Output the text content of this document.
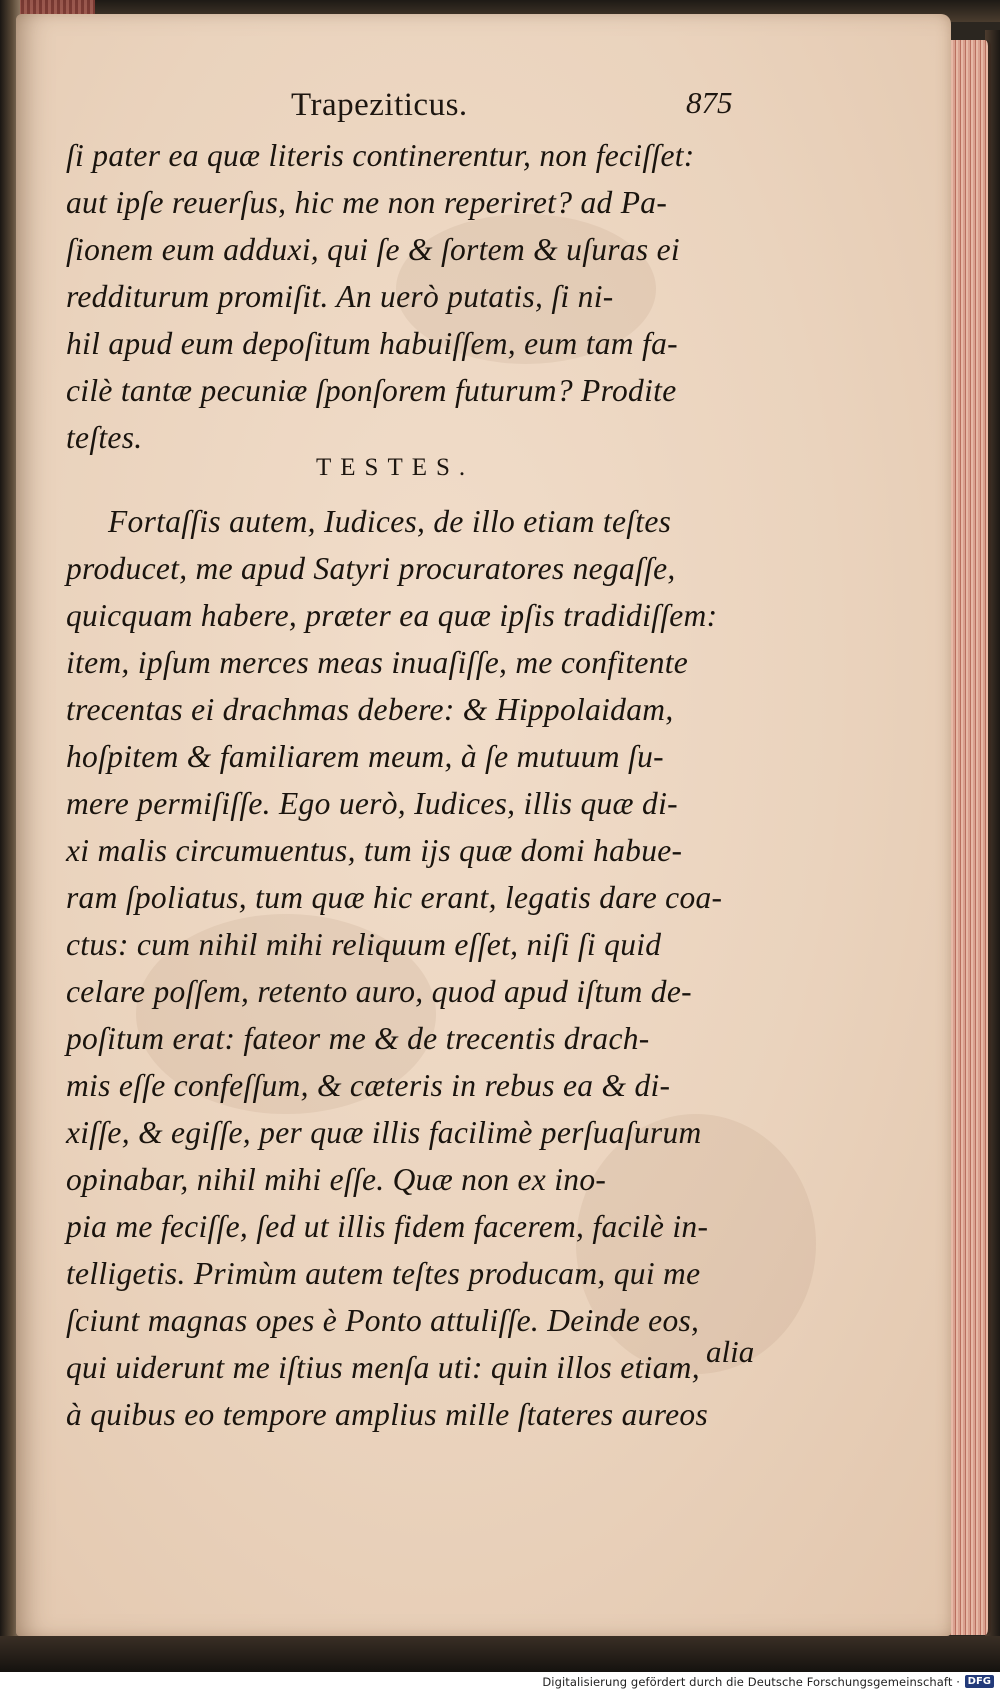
Trapeziticus.	875
ſi pater ea quæ literis continerentur, non feciſſet:
aut ipſe reuerſus, hic me non reperiret? ad Pa-
ſionem eum adduxi, qui ſe & ſortem & uſuras ei
redditurum promiſit. An uerò putatis, ſi ni-
hil apud eum depoſitum habuiſſem, eum tam fa-
cilè tantæ pecuniæ ſponſorem futurum? Prodite
teſtes.
TESTES.
Fortaſſis autem, Iudices, de illo etiam teſtes
producet, me apud Satyri procuratores negaſſe,
quicquam habere, præter ea quæ ipſis tradidiſſem:
item, ipſum merces meas inuaſiſſe, me confitente
trecentas ei drachmas debere: & Hippolaidam,
hoſpitem & familiarem meum, à ſe mutuum ſu-
mere permiſiſſe. Ego uerò, Iudices, illis quæ di-
xi malis circumuentus, tum ijs quæ domi habue-
ram ſpoliatus, tum quæ hic erant, legatis dare coa-
ctus: cum nihil mihi reliquum eſſet, niſi ſi quid
celare poſſem, retento auro, quod apud iſtum de-
poſitum erat: fateor me & de trecentis drach-
mis eſſe confeſſum, & cæteris in rebus ea & di-
xiſſe, & egiſſe, per quæ illis facilimè perſuaſurum
opinabar, nihil mihi eſſe. Quæ non ex ino-
pia me feciſſe, ſed ut illis fidem facerem, facilè in-
telligetis. Primùm autem teſtes producam, qui me
ſciunt magnas opes è Ponto attuliſſe. Deinde eos,
qui uiderunt me iſtius menſa uti: quin illos etiam,
à quibus eo tempore amplius mille ſtateres aureos
alia
Digitalisierung gefördert durch die Deutsche Forschungsgemeinschaft · DFG
